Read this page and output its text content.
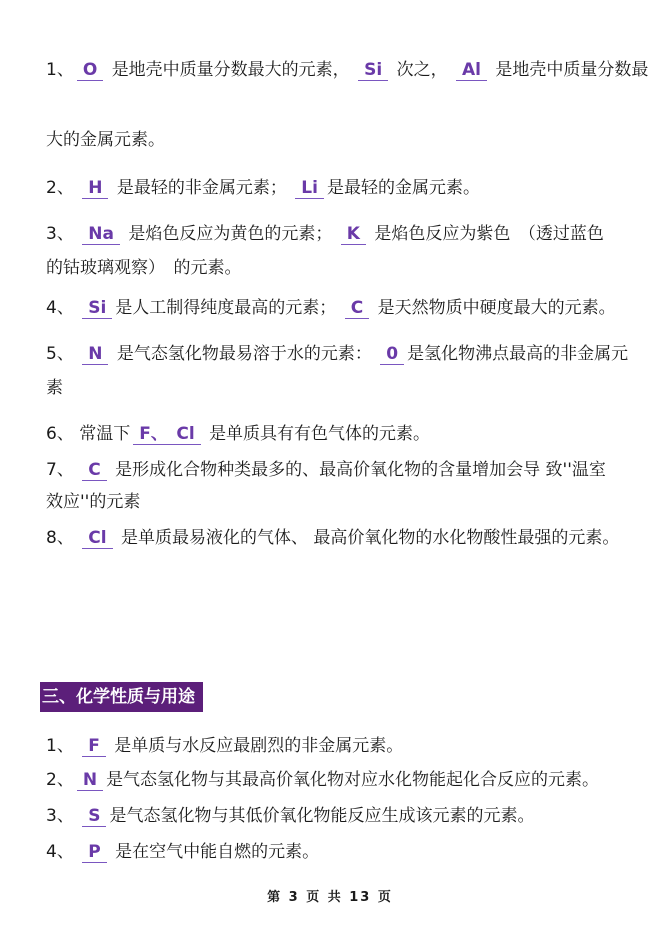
1、 O 是地壳中质量分数最大的元素， Si 次之， Al 是地壳中质量分数最
大的金属元素。
2、 H 是最轻的非金属元素； Li 是最轻的金属元素。
3、 Na 是焰色反应为黄色的元素； K 是焰色反应为紫色　（透过蓝色
的钴玻璃观察）　的元素。
4、 Si 是人工制得纯度最高的元素； C 是天然物质中硬度最大的元素。
5、 N 是气态氢化物最易溶于水的元素： 0 是氢化物沸点最高的非金属元
素
6、 常温下 F、　Cl 是单质具有有色气体的元素。
7、 C 是形成化合物种类最多的、最高价氧化物的含量增加会导 致''温室
效应''的元素
8、 Cl 是单质最易液化的气体、 最高价氧化物的水化物酸性最强的元素。
三、化学性质与用途
1、 F 是单质与水反应最剧烈的非金属元素。
2、 N 是气态氢化物与其最高价氧化物对应水化物能起化合反应的元素。
3、 S 是气态氢化物与其低价氧化物能反应生成该元素的元素。
4、 P 是在空气中能自燃的元素。
第 3 页 共 13 页
